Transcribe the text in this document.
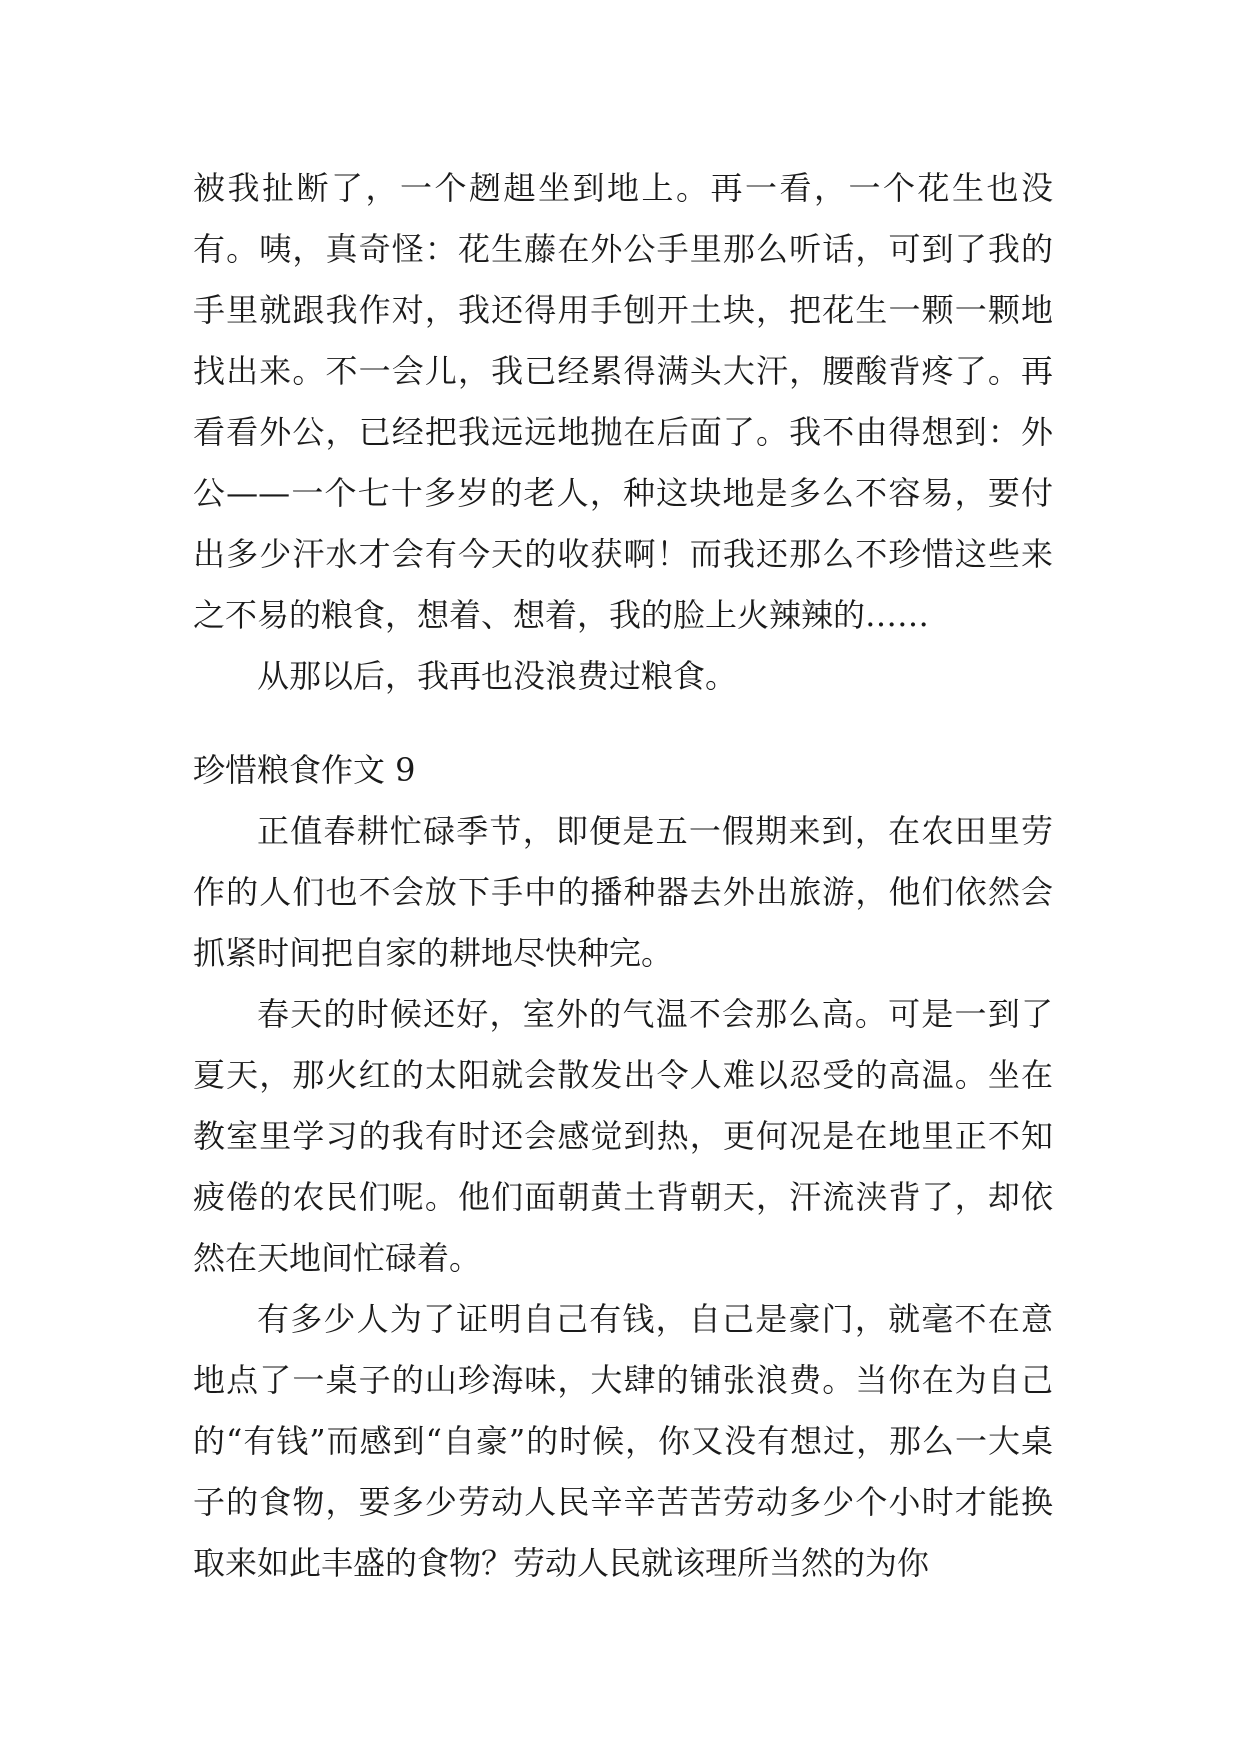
被我扯断了，一个趔趄坐到地上。再一看，一个花生也没有。咦，真奇怪：花生藤在外公手里那么听话，可到了我的手里就跟我作对，我还得用手刨开土块，把花生一颗一颗地找出来。不一会儿，我已经累得满头大汗，腰酸背疼了。再看看外公，已经把我远远地抛在后面了。我不由得想到：外公——一个七十多岁的老人，种这块地是多么不容易，要付出多少汗水才会有今天的收获啊！而我还那么不珍惜这些来之不易的粮食，想着、想着，我的脸上火辣辣的……

从那以后，我再也没浪费过粮食。

珍惜粮食作文 9

正值春耕忙碌季节，即便是五一假期来到，在农田里劳作的人们也不会放下手中的播种器去外出旅游，他们依然会抓紧时间把自家的耕地尽快种完。

春天的时候还好，室外的气温不会那么高。可是一到了夏天，那火红的太阳就会散发出令人难以忍受的高温。坐在教室里学习的我有时还会感觉到热，更何况是在地里正不知疲倦的农民们呢。他们面朝黄土背朝天，汗流浃背了，却依然在天地间忙碌着。

有多少人为了证明自己有钱，自己是豪门，就毫不在意地点了一桌子的山珍海味，大肆的铺张浪费。当你在为自己的“有钱”而感到“自豪”的时候，你又没有想过，那么一大桌子的食物，要多少劳动人民辛辛苦苦劳动多少个小时才能换取来如此丰盛的食物？劳动人民就该理所当然的为你
